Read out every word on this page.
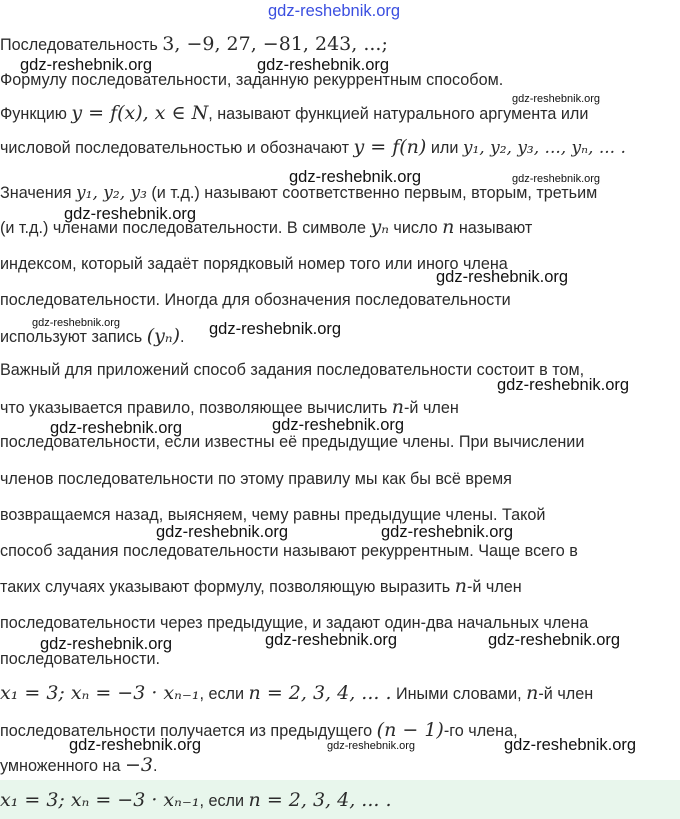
gdz-reshebnik.org
gdz-reshebnik.org	gdz-reshebnik.org
gdz-reshebnik.org
gdz-reshebnik.org	gdz-reshebnik.org
gdz-reshebnik.org
gdz-reshebnik.org
gdz-reshebnik.org	gdz-reshebnik.org
gdz-reshebnik.org
gdz-reshebnik.org
gdz-reshebnik.org
gdz-reshebnik.org	gdz-reshebnik.org
gdz-reshebnik.org	gdz-reshebnik.org	gdz-reshebnik.org
gdz-reshebnik.org	gdz-reshebnik.org	gdz-reshebnik.org
Последовательность 3, −9, 27, −81, 243, ...;
Формулу последовательности, заданную рекуррентным способом.
Функцию y = f(x), x ∈ N, называют функцией натурального аргумента или
числовой последовательностью и обозначают y = f(n) или y₁, y₂, y₃, ..., yₙ, ... .
Значения y₁, y₂, y₃ (и т.д.) называют соответственно первым, вторым, третьим
(и т.д.) членами последовательности. В символе yₙ число n называют
индексом, который задаёт порядковый номер того или иного члена
последовательности. Иногда для обозначения последовательности
используют запись (yₙ).
Важный для приложений способ задания последовательности состоит в том,
что указывается правило, позволяющее вычислить n-й член
последовательности, если известны её предыдущие члены. При вычислении
членов последовательности по этому правилу мы как бы всё время
возвращаемся назад, выясняем, чему равны предыдущие члены. Такой
способ задания последовательности называют рекуррентным. Чаще всего в
таких случаях указывают формулу, позволяющую выразить n-й член
последовательности через предыдущие, и задают один-два начальных члена
последовательности.
x₁ = 3; xₙ = −3 · xₙ₋₁, если n = 2, 3, 4, ... . Иными словами, n-й член
последовательности получается из предыдущего (n − 1)-го члена,
умноженного на −3.
x₁ = 3; xₙ = −3 · xₙ₋₁, если n = 2, 3, 4, ... .
